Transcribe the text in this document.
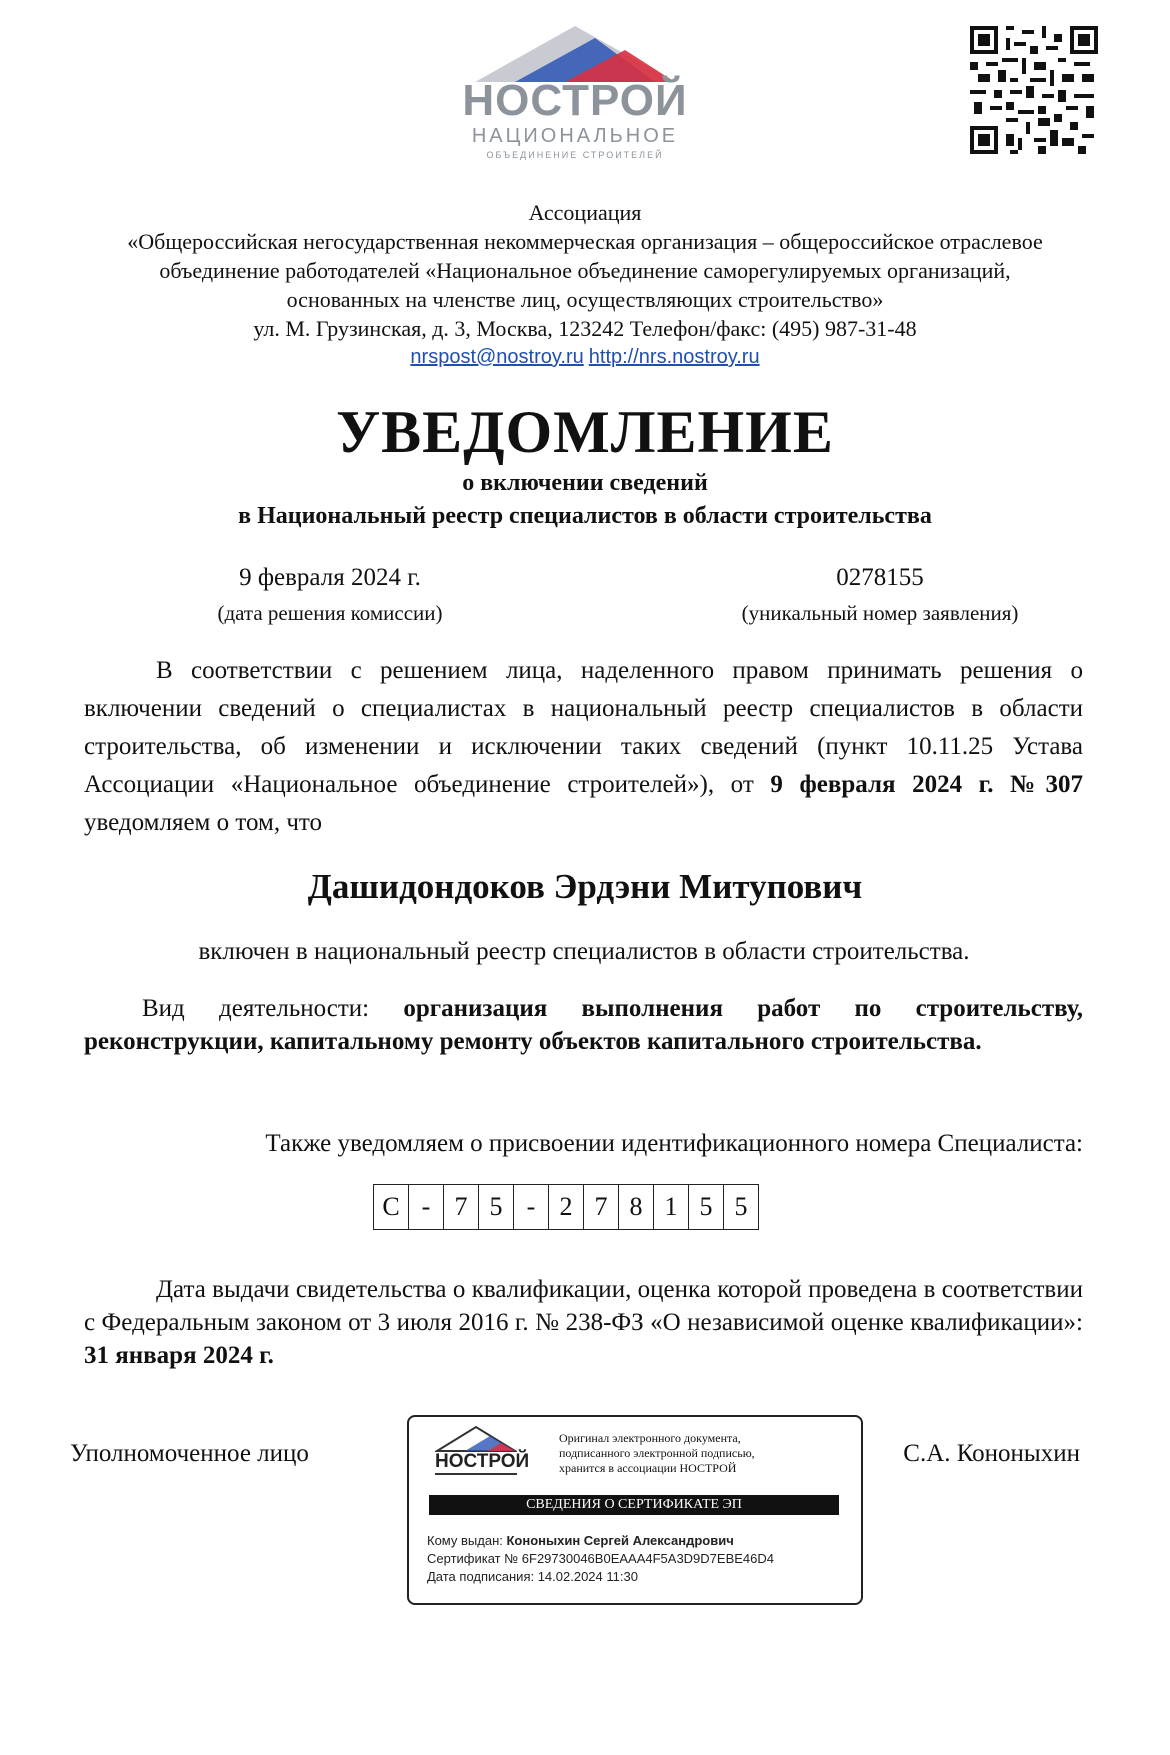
НОСТРОЙ
НАЦИОНАЛЬНОЕ
ОБЪЕДИНЕНИЕ СТРОИТЕЛЕЙ
Ассоциация
«Общероссийская негосударственная некоммерческая организация – общероссийское отраслевое
объединение работодателей «Национальное объединение саморегулируемых организаций,
основанных на членстве лиц, осуществляющих строительство»
ул. М. Грузинская, д. 3, Москва, 123242 Телефон/факс: (495) 987-31-48
nrspost@nostroy.ru http://nrs.nostroy.ru
УВЕДОМЛЕНИЕ
о включении сведений
в Национальный реестр специалистов в области строительства
9 февраля 2024 г.
(дата решения комиссии)
0278155
(уникальный номер заявления)
В соответствии с решением лица, наделенного правом принимать решения о включении сведений о специалистах в национальный реестр специалистов в области строительства, об изменении и исключении таких сведений (пункт 10.11.25 Устава Ассоциации «Национальное объединение строителей»), от 9 февраля 2024 г. №307 уведомляем о том, что
Дашидондоков Эрдэни Митупович
включен в национальный реестр специалистов в области строительства.
Вид деятельности: организация выполнения работ по строительству, реконструкции, капитальному ремонту объектов капитального строительства.
Также уведомляем о присвоении идентификационного номера Специалиста:
С	-	7	5	-	2	7	8	1	5	5
Дата выдачи свидетельства о квалификации, оценка которой проведена в соответствии с Федеральным законом от 3 июля 2016 г. № 238-ФЗ «О независимой оценке квалификации»: 31 января 2024 г.
Уполномоченное лицо	С.А. Кононыхин
НОСТРОЙ
Оригинал электронного документа,
подписанного электронной подписью,
хранится в ассоциации НОСТРОЙ
СВЕДЕНИЯ О СЕРТИФИКАТЕ ЭП
Кому выдан: Кононыхин Сергей Александрович
Сертификат № 6F29730046B0EAAA4F5A3D9D7EBE46D4
Дата подписания: 14.02.2024 11:30
